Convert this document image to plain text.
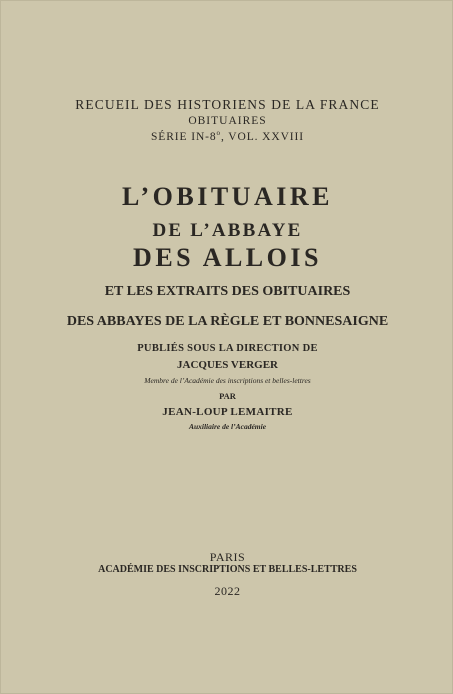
RECUEIL DES HISTORIENS DE LA FRANCE
OBITUAIRES
SÉRIE IN-8$^o$, VOL. XXVIII
L’OBITUAIRE
DE L’ABBAYE
DES ALLOIS
ET LES EXTRAITS DES OBITUAIRES
DES ABBAYES DE LA RÈGLE ET BONNESAIGNE
PUBLIÉS SOUS LA DIRECTION DE
JACQUES VERGER
Membre de l’Académie des inscriptions et belles-lettres
PAR
JEAN-LOUP LEMAITRE
Auxiliaire de l’Académie
PARIS
ACADÉMIE DES INSCRIPTIONS ET BELLES-LETTRES
2022
